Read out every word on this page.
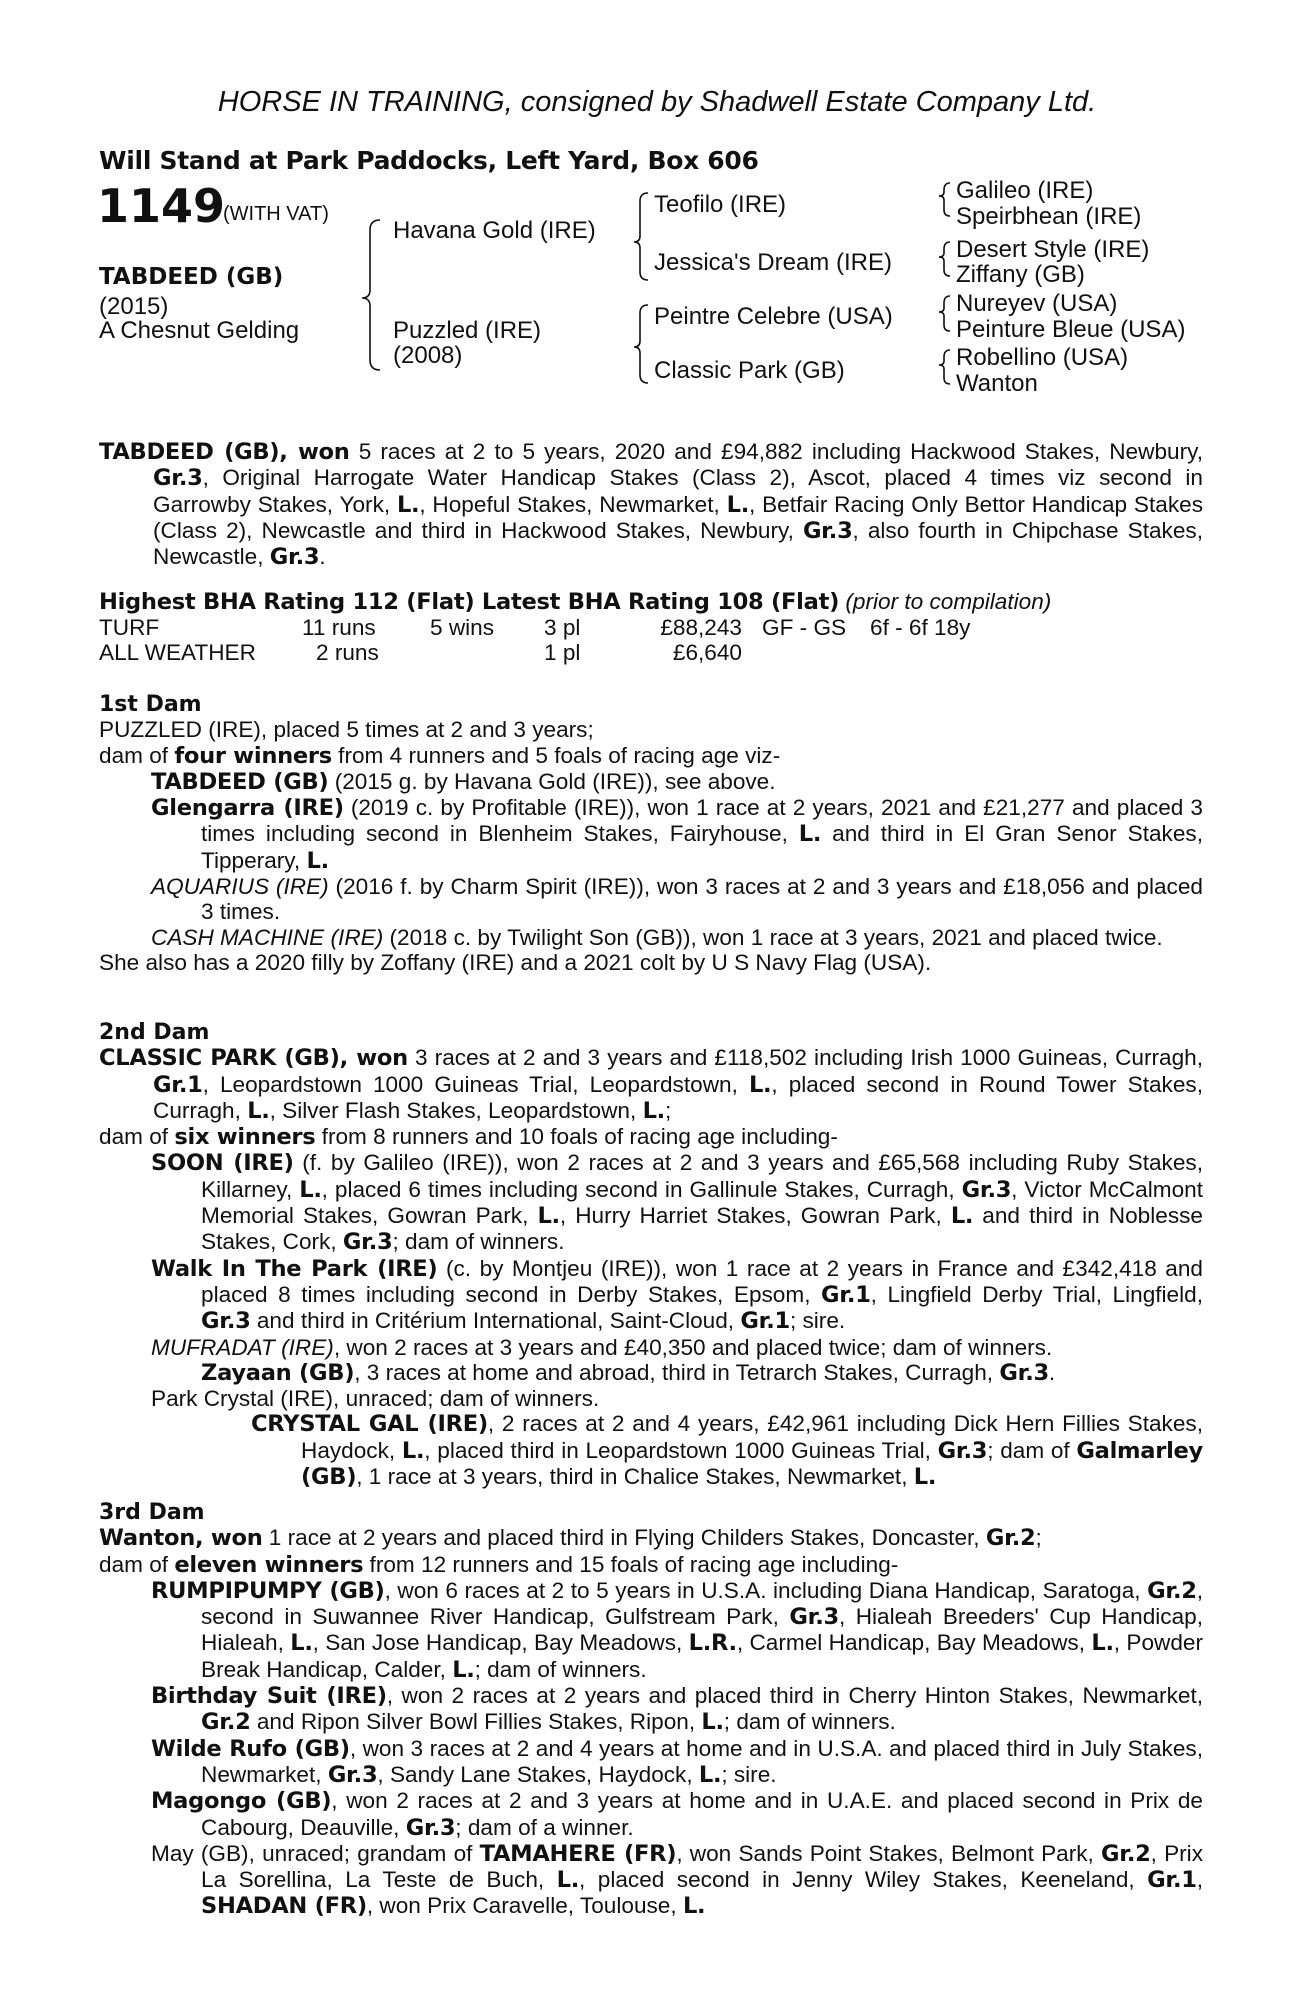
HORSE IN TRAINING, consigned by Shadwell Estate Company Ltd.
Will Stand at Park Paddocks, Left Yard, Box 606
1149
(WITH VAT)
TABDEED (GB)
(2015)
A Chesnut Gelding
Havana Gold (IRE)
Puzzled (IRE)
(2008)
Teofilo (IRE)
Jessica's Dream (IRE)
Peintre Celebre (USA)
Classic Park (GB)
Galileo (IRE)
Speirbhean (IRE)
Desert Style (IRE)
Ziffany (GB)
Nureyev (USA)
Peinture Bleue (USA)
Robellino (USA)
Wanton

TABDEED (GB), won 5 races at 2 to 5 years, 2020 and £94,882 including Hackwood Stakes, Newbury, Gr.3, Original Harrogate Water Handicap Stakes (Class 2), Ascot, placed 4 times viz second in Garrowby Stakes, York, L., Hopeful Stakes, Newmarket, L., Betfair Racing Only Bettor Handicap Stakes (Class 2), Newcastle and third in Hackwood Stakes, Newbury, Gr.3, also fourth in Chipchase Stakes, Newcastle, Gr.3.

Highest BHA Rating 112 (Flat) Latest BHA Rating 108 (Flat) (prior to compilation)

TURF	11 runs	5 wins	3 pl	£88,243	GF - GS	6f - 6f 18y
ALL WEATHER	2 runs		1 pl	£6,640		

1st Dam

PUZZLED (IRE), placed 5 times at 2 and 3 years;

dam of four winners from 4 runners and 5 foals of racing age viz-

TABDEED (GB) (2015 g. by Havana Gold (IRE)), see above.

Glengarra (IRE) (2019 c. by Profitable (IRE)), won 1 race at 2 years, 2021 and £21,277 and placed 3 times including second in Blenheim Stakes, Fairyhouse, L. and third in El Gran Senor Stakes, Tipperary, L.

AQUARIUS (IRE) (2016 f. by Charm Spirit (IRE)), won 3 races at 2 and 3 years and £18,056 and placed 3 times.

CASH MACHINE (IRE) (2018 c. by Twilight Son (GB)), won 1 race at 3 years, 2021 and placed twice.

She also has a 2020 filly by Zoffany (IRE) and a 2021 colt by U S Navy Flag (USA).

2nd Dam

CLASSIC PARK (GB), won 3 races at 2 and 3 years and £118,502 including Irish 1000 Guineas, Curragh, Gr.1, Leopardstown 1000 Guineas Trial, Leopardstown, L., placed second in Round Tower Stakes, Curragh, L., Silver Flash Stakes, Leopardstown, L.;

dam of six winners from 8 runners and 10 foals of racing age including-

SOON (IRE) (f. by Galileo (IRE)), won 2 races at 2 and 3 years and £65,568 including Ruby Stakes, Killarney, L., placed 6 times including second in Gallinule Stakes, Curragh, Gr.3, Victor McCalmont Memorial Stakes, Gowran Park, L., Hurry Harriet Stakes, Gowran Park, L. and third in Noblesse Stakes, Cork, Gr.3; dam of winners.

Walk In The Park (IRE) (c. by Montjeu (IRE)), won 1 race at 2 years in France and £342,418 and placed 8 times including second in Derby Stakes, Epsom, Gr.1, Lingfield Derby Trial, Lingfield, Gr.3 and third in Critérium International, Saint-Cloud, Gr.1; sire.

MUFRADAT (IRE), won 2 races at 3 years and £40,350 and placed twice; dam of winners.

Zayaan (GB), 3 races at home and abroad, third in Tetrarch Stakes, Curragh, Gr.3.

Park Crystal (IRE), unraced; dam of winners.

CRYSTAL GAL (IRE), 2 races at 2 and 4 years, £42,961 including Dick Hern Fillies Stakes, Haydock, L., placed third in Leopardstown 1000 Guineas Trial, Gr.3; dam of Galmarley (GB), 1 race at 3 years, third in Chalice Stakes, Newmarket, L.

3rd Dam

Wanton, won 1 race at 2 years and placed third in Flying Childers Stakes, Doncaster, Gr.2;

dam of eleven winners from 12 runners and 15 foals of racing age including-

RUMPIPUMPY (GB), won 6 races at 2 to 5 years in U.S.A. including Diana Handicap, Saratoga, Gr.2, second in Suwannee River Handicap, Gulfstream Park, Gr.3, Hialeah Breeders' Cup Handicap, Hialeah, L., San Jose Handicap, Bay Meadows, L.R., Carmel Handicap, Bay Meadows, L., Powder Break Handicap, Calder, L.; dam of winners.

Birthday Suit (IRE), won 2 races at 2 years and placed third in Cherry Hinton Stakes, Newmarket, Gr.2 and Ripon Silver Bowl Fillies Stakes, Ripon, L.; dam of winners.

Wilde Rufo (GB), won 3 races at 2 and 4 years at home and in U.S.A. and placed third in July Stakes, Newmarket, Gr.3, Sandy Lane Stakes, Haydock, L.; sire.

Magongo (GB), won 2 races at 2 and 3 years at home and in U.A.E. and placed second in Prix de Cabourg, Deauville, Gr.3; dam of a winner.

May (GB), unraced; grandam of TAMAHERE (FR), won Sands Point Stakes, Belmont Park, Gr.2, Prix La Sorellina, La Teste de Buch, L., placed second in Jenny Wiley Stakes, Keeneland, Gr.1, SHADAN (FR), won Prix Caravelle, Toulouse, L.
